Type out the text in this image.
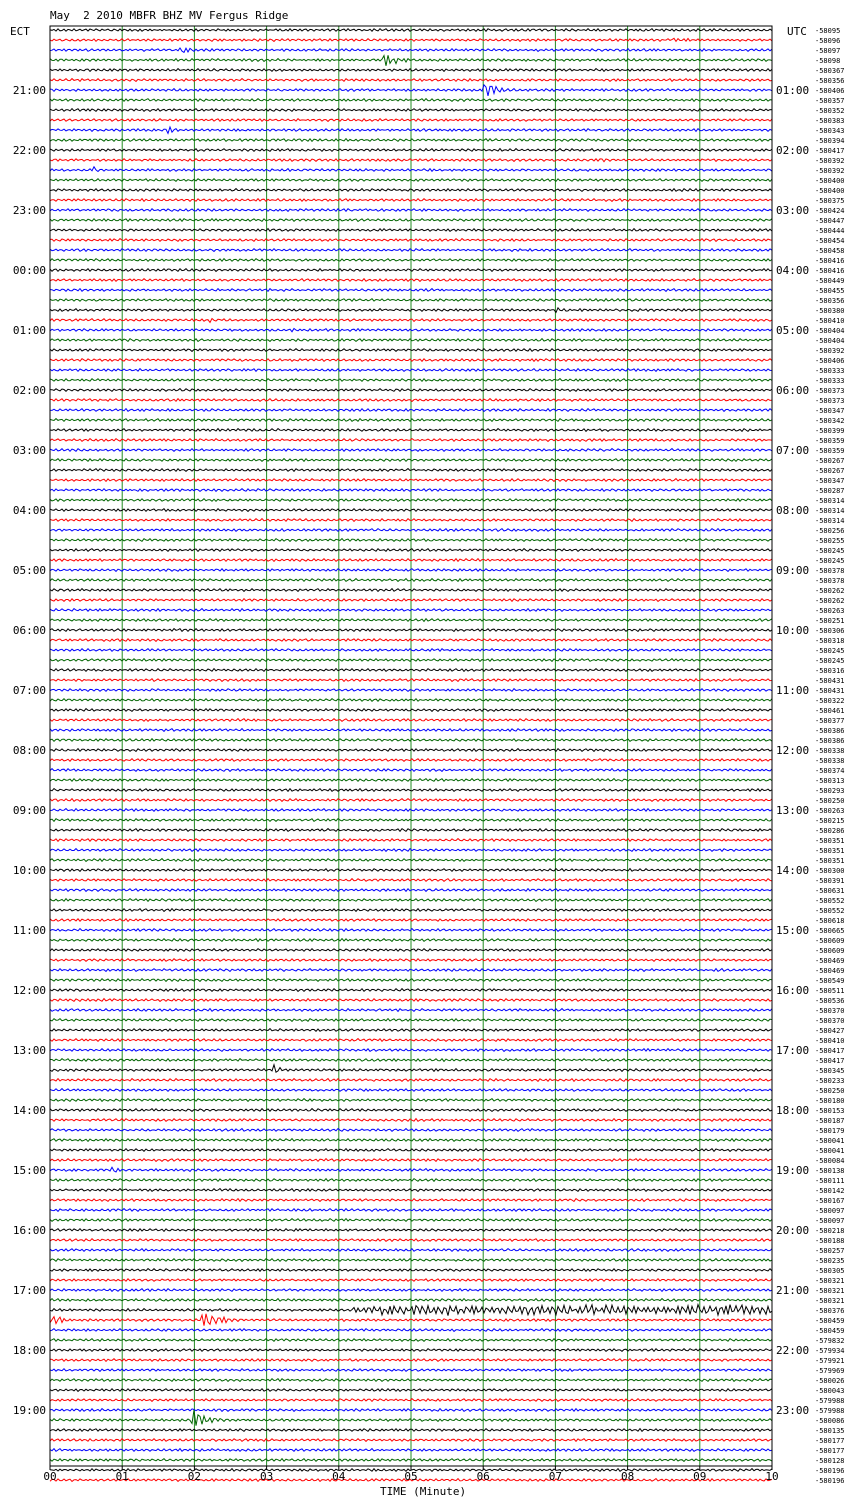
May  2 2010 MBFR BHZ MV Fergus Ridge
ECT	UTC
00	01	02	03	04	05	06	07	08	09	10
-58095
-58096
-58097
-58098
-580367
-580356
-580406
-580357
-580352
-580383
-580343
-580394
-580417
-580392
-580392
-580400
-580400
-580375
-580424
-580447
-580444
-580454
-580458
-580416
-580416
-580449
-580455
-580356
-580380
-580410
-580404
-580404
-580392
-580406
-580333
-580333
-580373
-580373
-580347
-580342
-580399
-580359
-580359
-580267
-580267
-580347
-580287
-580314
-580314
-580314
-580256
-580255
-580245
-580245
-580378
-580378
-580262
-580262
-580263
-580251
-580306
-580318
-580245
-580245
-580316
-580431
-580431
-580322
-580461
-580377
-580386
-580386
-580338
-580338
-580374
-580313
-580293
-580250
-580263
-580215
-580286
-580351
-580351
-580351
-580300
-580391
-580631
-580552
-580552
-580618
-580665
-580609
-580609
-580469
-580469
-580549
-580511
-580536
-580370
-580370
-580427
-580410
-580417
-580417
-580345
-580233
-580250
-580180
-580153
-580187
-580179
-580041
-580041
-580084
-580138
-580111
-580142
-580167
-580097
-580097
-580218
-580188
-580257
-580235
-580305
-580321
-580321
-580321
-580376
-580459
-580459
-579832
-579934
-579921
-579969
-580026
-580043
-579988
-579988
-580086
-580135
-580177
-580177
-580128
-580196
-580196
21:00	01:00
22:00	02:00
23:00	03:00
00:00	04:00
01:00	05:00
02:00	06:00
03:00	07:00
04:00	08:00
05:00	09:00
06:00	10:00
07:00	11:00
08:00	12:00
09:00	13:00
10:00	14:00
11:00	15:00
12:00	16:00
13:00	17:00
14:00	18:00
15:00	19:00
16:00	20:00
17:00	21:00
18:00	22:00
19:00	23:00
TIME (Minute)
